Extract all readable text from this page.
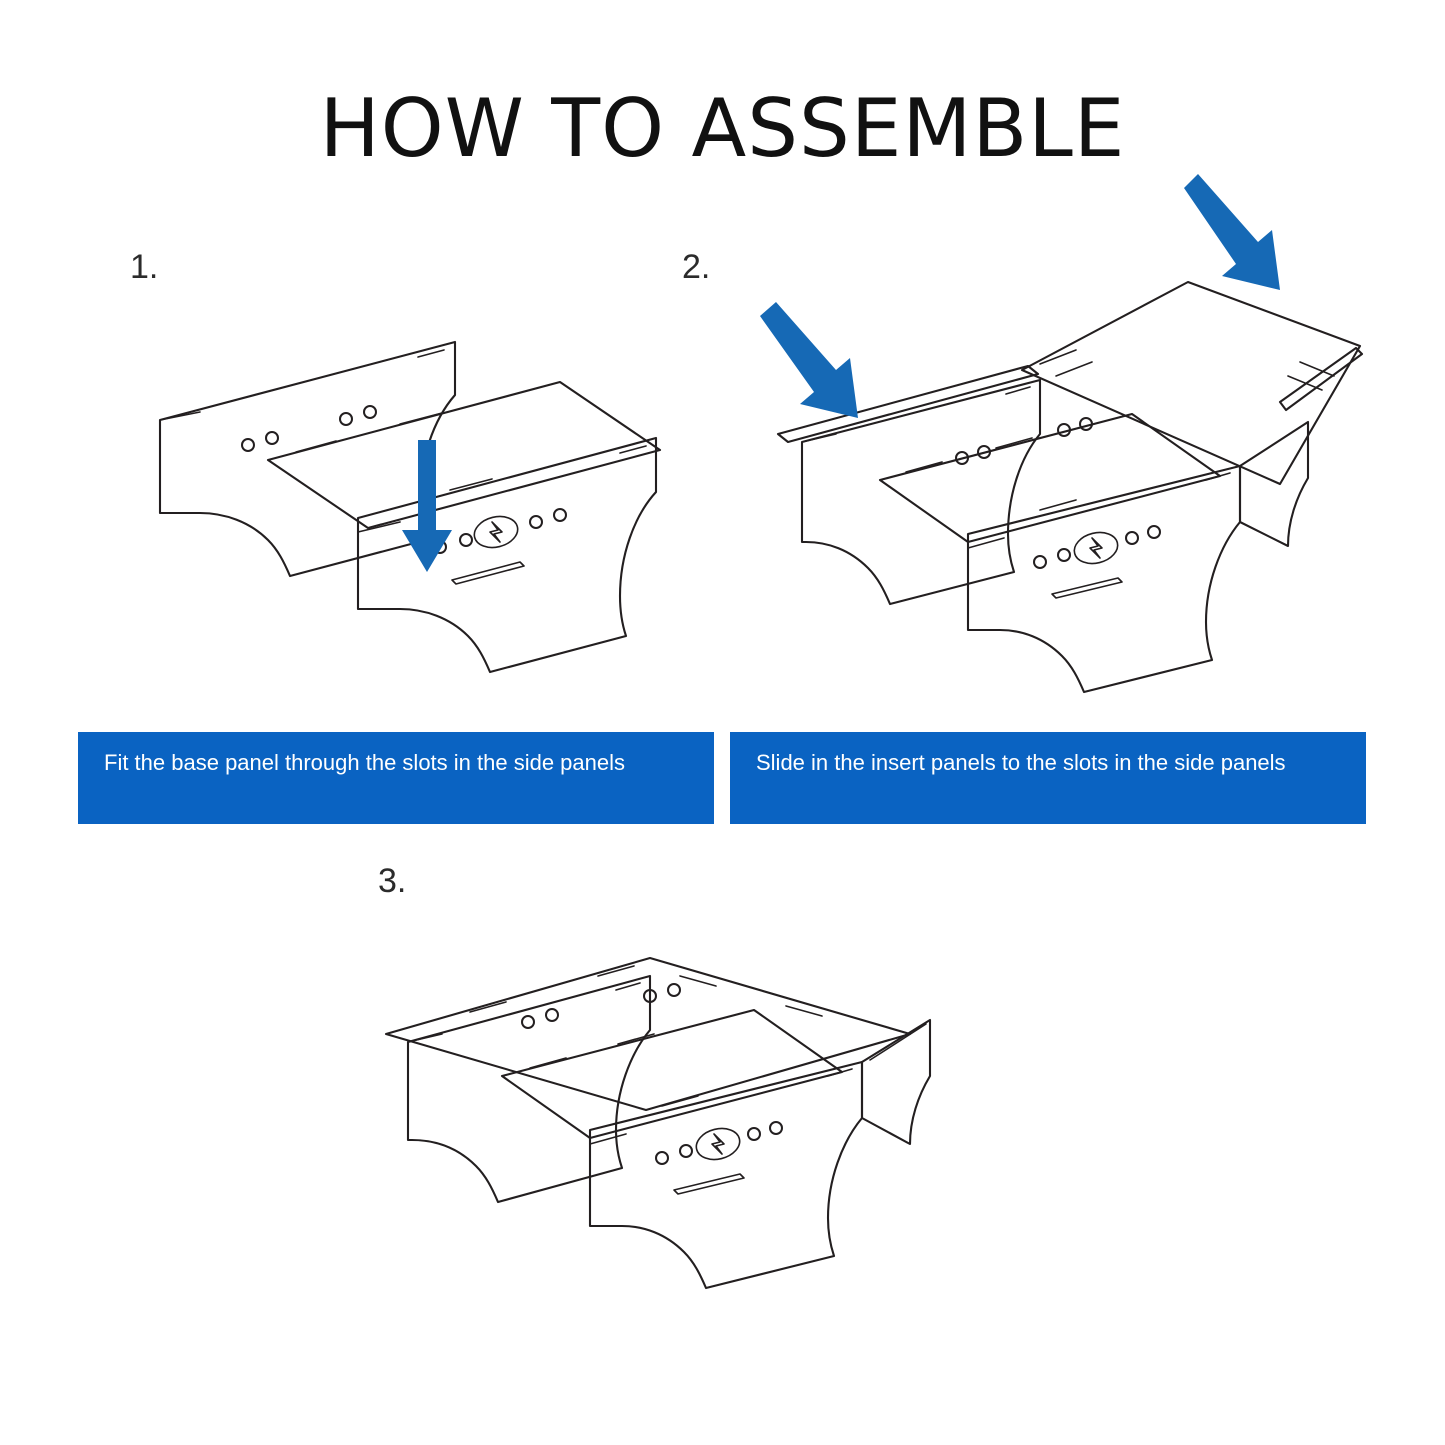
HOW TO ASSEMBLE
1.
Fit the base panel through the slots in the side panels
2.
Slide in the insert panels to the slots in the side panels
3.
